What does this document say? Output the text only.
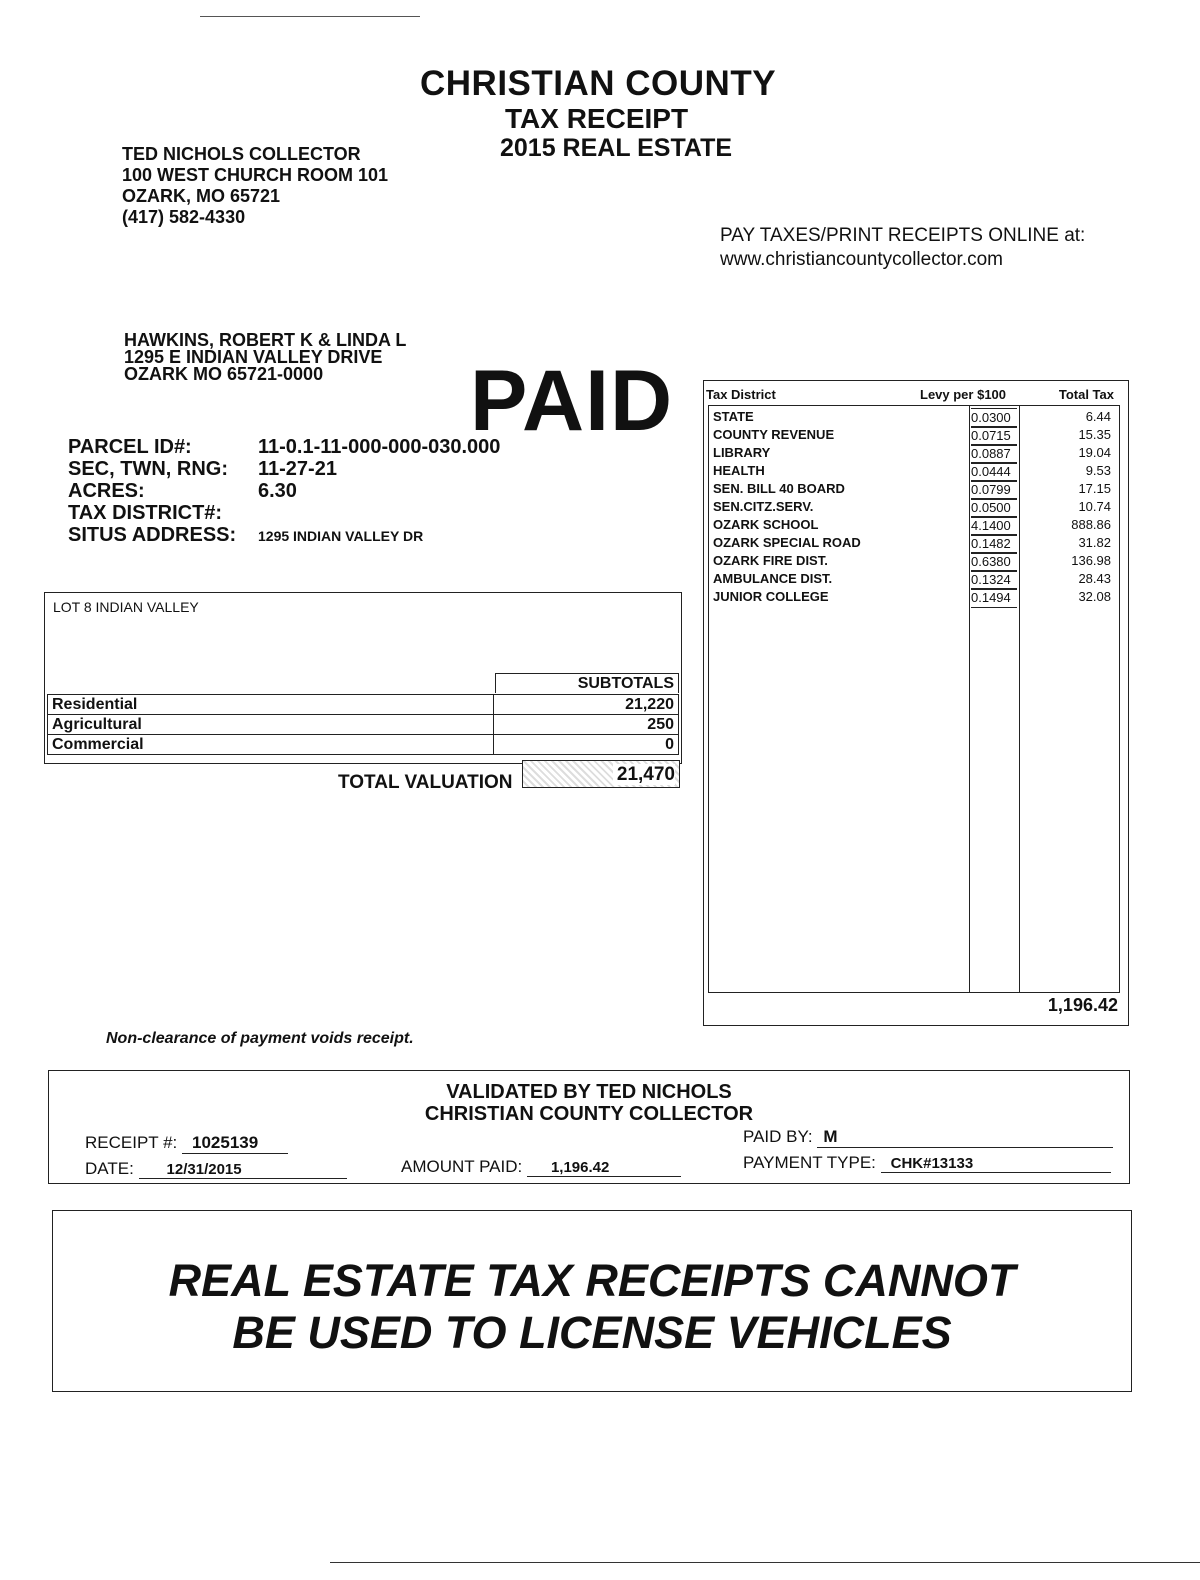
CHRISTIAN COUNTY
TAX RECEIPT
2015 REAL ESTATE
TED NICHOLS COLLECTOR
100 WEST CHURCH ROOM 101
OZARK, MO 65721
(417) 582-4330
PAY TAXES/PRINT RECEIPTS ONLINE at:
www.christiancountycollector.com
HAWKINS, ROBERT K & LINDA L
1295 E INDIAN VALLEY DRIVE
OZARK MO 65721-0000	PAID
PARCEL ID#:	11-0.1-11-000-000-030.000
SEC, TWN, RNG: 11-27-21
ACRES:	6.30
TAX DISTRICT#:
SITUS ADDRESS: 1295 INDIAN VALLEY DR
LOT 8 INDIAN VALLEY
SUBTOTALS
Residential	21,220
Agricultural	250
Commercial	0
TOTAL VALUATION	21,470
Tax District	Levy per $100	Total Tax
STATE	0.0300	6.44
COUNTY REVENUE	0.0715	15.35
LIBRARY	0.0887	19.04
HEALTH	0.0444	9.53
SEN. BILL 40 BOARD	0.0799	17.15
SEN.CITZ.SERV.	0.0500	10.74
OZARK SCHOOL	4.1400	888.86
OZARK SPECIAL ROAD	0.1482	31.82
OZARK FIRE DIST.	0.6380	136.98
AMBULANCE DIST.	0.1324	28.43
JUNIOR COLLEGE	0.1494	32.08
1,196.42
Non-clearance of payment voids receipt.
VALIDATED BY TED NICHOLS
CHRISTIAN COUNTY COLLECTOR
RECEIPT #: 1025139
DATE: 12/31/2015	AMOUNT PAID: 1,196.42
PAID BY: M
PAYMENT TYPE: CHK#13133
REAL ESTATE TAX RECEIPTS CANNOT
BE USED TO LICENSE VEHICLES
